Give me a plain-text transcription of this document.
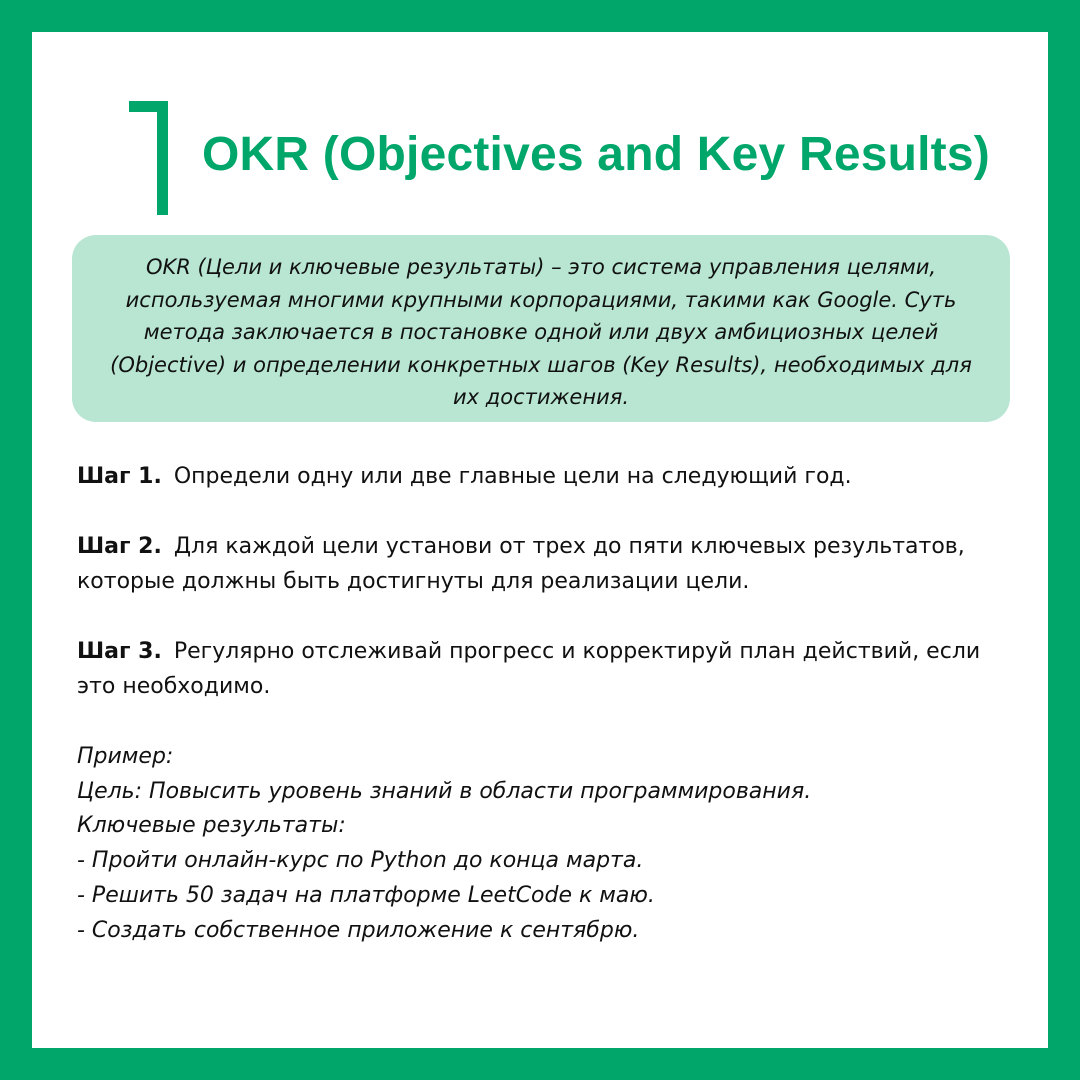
OKR (Objectives and Key Results)
OKR (Цели и ключевые результаты) – это система управления целями, используемая многими крупными корпорациями, такими как Google. Суть метода заключается в постановке одной или двух амбициозных целей (Objective) и определении конкретных шагов (Key Results), необходимых для их достижения.

Шаг 1. Определи одну или две главные цели на следующий год.

Шаг 2. Для каждой цели установи от трех до пяти ключевых результатов, которые должны быть достигнуты для реализации цели.

Шаг 3. Регулярно отслеживай прогресс и корректируй план действий, если это необходимо.

Пример:
Цель: Повысить уровень знаний в области программирования.
Ключевые результаты:
- Пройти онлайн-курс по Python до конца марта.
- Решить 50 задач на платформе LeetCode к маю.
- Создать собственное приложение к сентябрю.
